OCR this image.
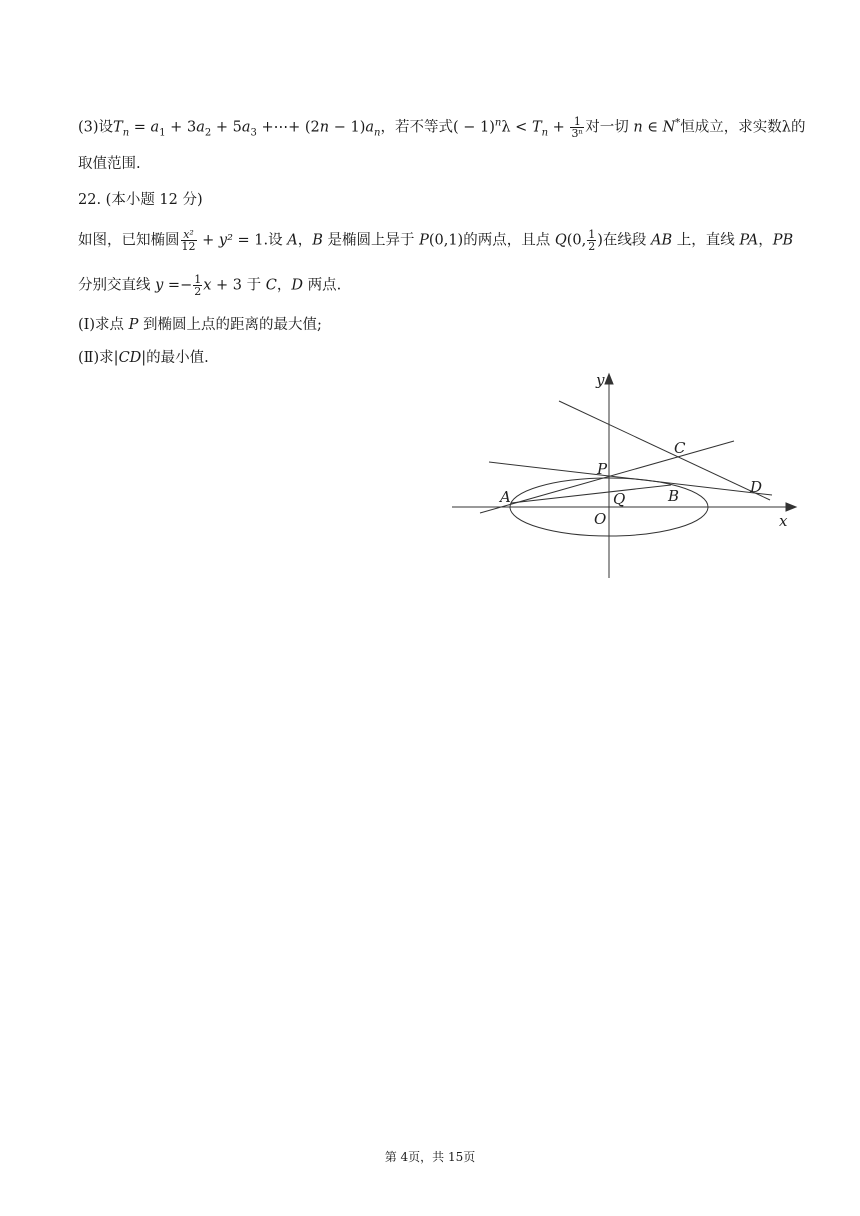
(3)设$T_n = a_1 + 3a_2 + 5a_3$ +⋯+ $(2n - 1)a_n$，若不等式( − $1)^n\lambda < T_n + \frac{1}{\text{3ⁿ}}$ 对一切 n ∈ N*恒成立，求实数λ的
取值范围.
22. (本小题 12 分)
如图，已知椭圆 $\frac{\text{x²}}{12} + y^2 = 1$.设 A，B 是椭圆上异于 P(0,1)的两点，且点 Q(0, $\frac{1}{2}$ )在线段 AB 上，直线 PA，PB
分别交直线 $y =- \frac{1}{2}$ x + 3 于 C，D 两点.
(Ⅰ)求点 P 到椭圆上点的距离的最大值;
(Ⅱ)求|CD|的最小值.
y
x
O
P
Q
A	B
C
D
第 4页，共 15页
